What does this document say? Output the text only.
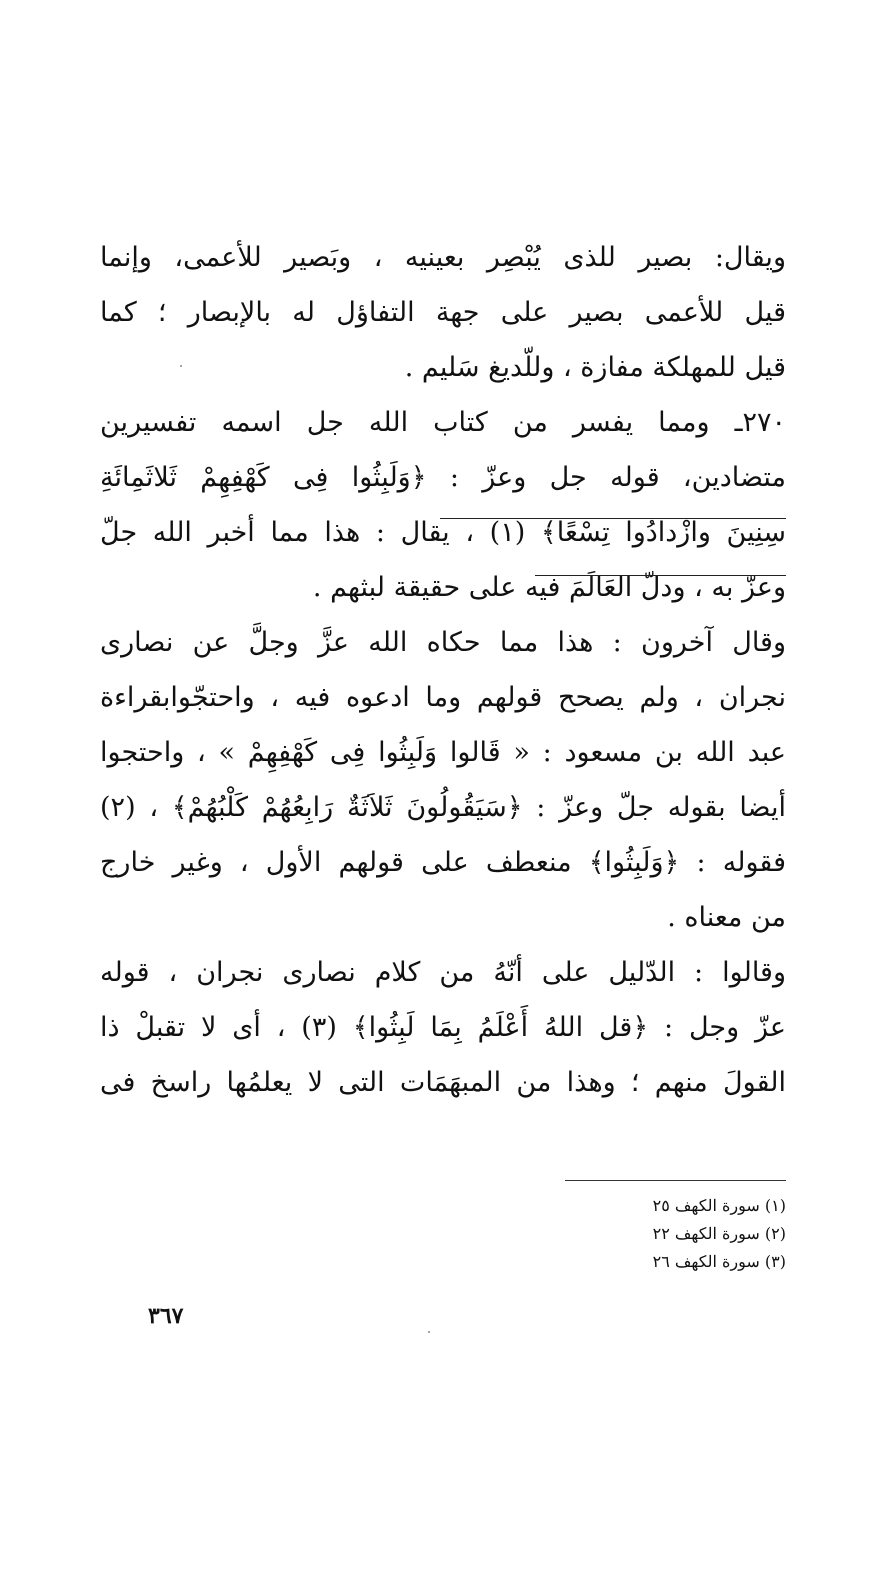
ويقال: بصير للذى يُبْصِر بعينيه ، وبَصير للأعمى، وإنما
قيل للأعمى بصير على جهة التفاؤل له بالإبصار ؛ كما
قيل للمهلكة مفازة ، وللّديغ سَليم .
٢٧٠ـ ومما يفسر من كتاب الله جل اسمه تفسيرين
متضادين، قوله جل وعزّ : ﴿وَلَبِثُوا فِى كَهْفِهِمْ ثَلاثَمِائَةِ
سِنِينَ وازْدادُوا تِسْعًا﴾ (١) ، يقال : هذا مما أخبر الله جلّ
وعزّ به ، ودلّ العَالَمَ فيه على حقيقة لبثهم .
وقال آخرون : هذا مما حكاه الله عزَّ وجلَّ عن نصارى
نجران ، ولم يصحح قولهم وما ادعوه فيه ، واحتجّوابقراءة
عبد الله بن مسعود : « قَالوا وَلَبِثُوا فِى كَهْفِهِمْ » ، واحتجوا
أيضا بقوله جلّ وعزّ : ﴿سَيَقُولُونَ ثَلاَثَةٌ رَابِعُهُمْ كَلْبُهُمْ﴾ ، (٢)
فقوله : ﴿وَلَبِثُوا﴾ منعطف على قولهم الأول ، وغير خارج
من معناه .
وقالوا : الدّليل على أنّهُ من كلام نصارى نجران ، قوله
عزّ وجل : ﴿قل اللهُ أَعْلَمُ بِمَا لَبِثُوا﴾ (٣) ، أى لا تقبلْ ذا
القولَ منهم ؛ وهذا من المبهَمَات التى لا يعلمُها راسخ فى
(١) سورة الكهف ٢٥
(٢) سورة الكهف ٢٢
(٣) سورة الكهف ٢٦
٣٦٧
